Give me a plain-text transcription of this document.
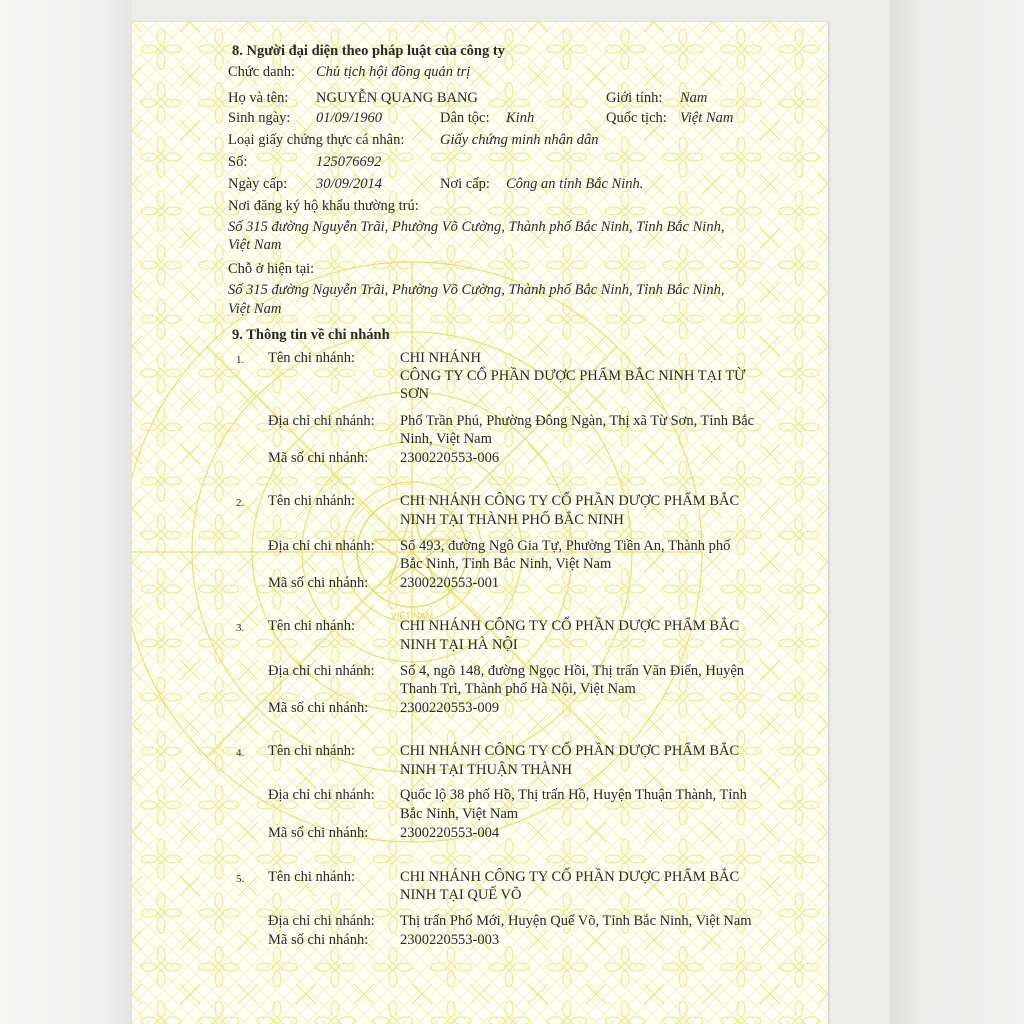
VIỆT NAM
8. Người đại diện theo pháp luật của công ty
Chức danh: Chủ tịch hội đồng quản trị
Họ và tên: NGUYỄN QUANG BANG	Giới tính: Nam
Sinh ngày: 01/09/1960	Dân tộc: Kinh	Quốc tịch: Việt Nam
Loại giấy chứng thực cá nhân: Giấy chứng minh nhân dân
Số:	125076692
Ngày cấp: 30/09/2014	Nơi cấp: Công an tỉnh Bắc Ninh.
Nơi đăng ký hộ khẩu thường trú:
Số 315 đường Nguyễn Trãi, Phường Võ Cường, Thành phố Bắc Ninh, Tỉnh Bắc Ninh,
Việt Nam
Chỗ ở hiện tại:
Số 315 đường Nguyễn Trãi, Phường Võ Cường, Thành phố Bắc Ninh, Tỉnh Bắc Ninh,
Việt Nam
9. Thông tin về chi nhánh
1. Tên chi nhánh:	CHI NHÁNH
CÔNG TY CỔ PHẦN DƯỢC PHẨM BẮC NINH TẠI TỪ
SƠN
Địa chỉ chi nhánh: Phố Trần Phú, Phường Đông Ngàn, Thị xã Từ Sơn, Tỉnh Bắc
Ninh, Việt Nam
Mã số chi nhánh: 2300220553-006
2. Tên chi nhánh:	CHI NHÁNH CÔNG TY CỔ PHẦN DƯỢC PHẨM BẮC
NINH TẠI THÀNH PHỐ BẮC NINH
Địa chỉ chi nhánh: Số 493, đường Ngô Gia Tự, Phường Tiền An, Thành phố
Bắc Ninh, Tỉnh Bắc Ninh, Việt Nam
Mã số chi nhánh: 2300220553-001
3. Tên chi nhánh:	CHI NHÁNH CÔNG TY CỔ PHẦN DƯỢC PHẨM BẮC
NINH TẠI HÀ NỘI
Địa chỉ chi nhánh: Số 4, ngõ 148, đường Ngọc Hồi, Thị trấn Văn Điển, Huyện
Thanh Trì, Thành phố Hà Nội, Việt Nam
Mã số chi nhánh: 2300220553-009
4. Tên chi nhánh:	CHI NHÁNH CÔNG TY CỔ PHẦN DƯỢC PHẨM BẮC
NINH TẠI THUẬN THÀNH
Địa chỉ chi nhánh: Quốc lộ 38 phố Hồ, Thị trấn Hồ, Huyện Thuận Thành, Tỉnh
Bắc Ninh, Việt Nam
Mã số chi nhánh: 2300220553-004
5. Tên chi nhánh:	CHI NHÁNH CÔNG TY CỔ PHẦN DƯỢC PHẨM BẮC
NINH TẠI QUẾ VÕ
Địa chỉ chi nhánh: Thị trấn Phố Mới, Huyện Quế Võ, Tỉnh Bắc Ninh, Việt Nam
Mã số chi nhánh: 2300220553-003
